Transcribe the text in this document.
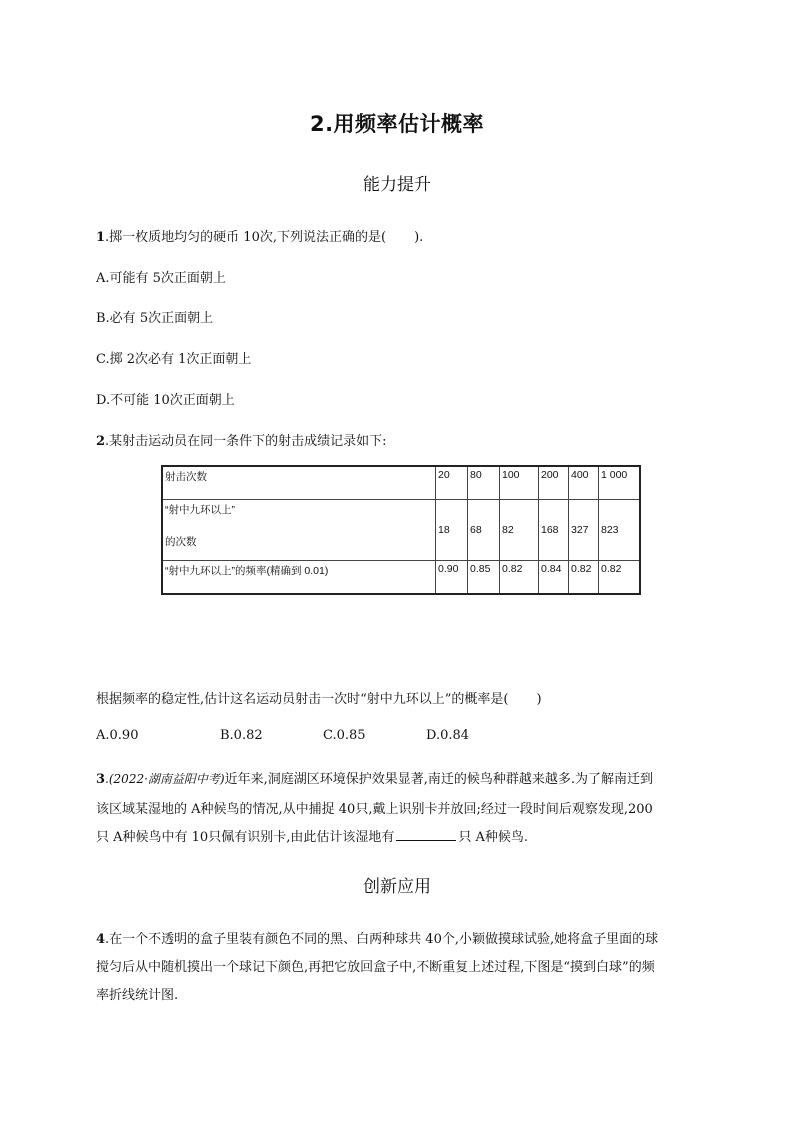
2.用频率估计概率
能力提升
1.掷一枚质地均匀的硬币 10次,下列说法正确的是( ).
A.可能有 5次正面朝上
B.必有 5次正面朝上
C.掷 2次必有 1次正面朝上
D.不可能 10次正面朝上
2.某射击运动员在同一条件下的射击成绩记录如下:
射击次数	20	80	100	200	400	1 000

“射中九环以上”
的次数	18	68	82	168	327	823
“射中九环以上”的频率(精确到 0.01)	0.90	0.85	0.82	0.84	0.82	0.82
根据频率的稳定性,估计这名运动员射击一次时“射中九环以上”的概率是( )
A.0.90	B.0.82	C.0.85	D.0.84
3.(2022·湖南益阳中考)近年来,洞庭湖区环境保护效果显著,南迁的候鸟种群越来越多.为了解南迁到
该区域某湿地的 A种候鸟的情况,从中捕捉 40只,戴上识别卡并放回;经过一段时间后观察发现,200
只 A种候鸟中有 10只佩有识别卡,由此估计该湿地有	只 A种候鸟.
创新应用
4.在一个不透明的盒子里装有颜色不同的黑、白两种球共 40个,小颖做摸球试验,她将盒子里面的球
搅匀后从中随机摸出一个球记下颜色,再把它放回盒子中,不断重复上述过程,下图是“摸到白球”的频
率折线统计图.
